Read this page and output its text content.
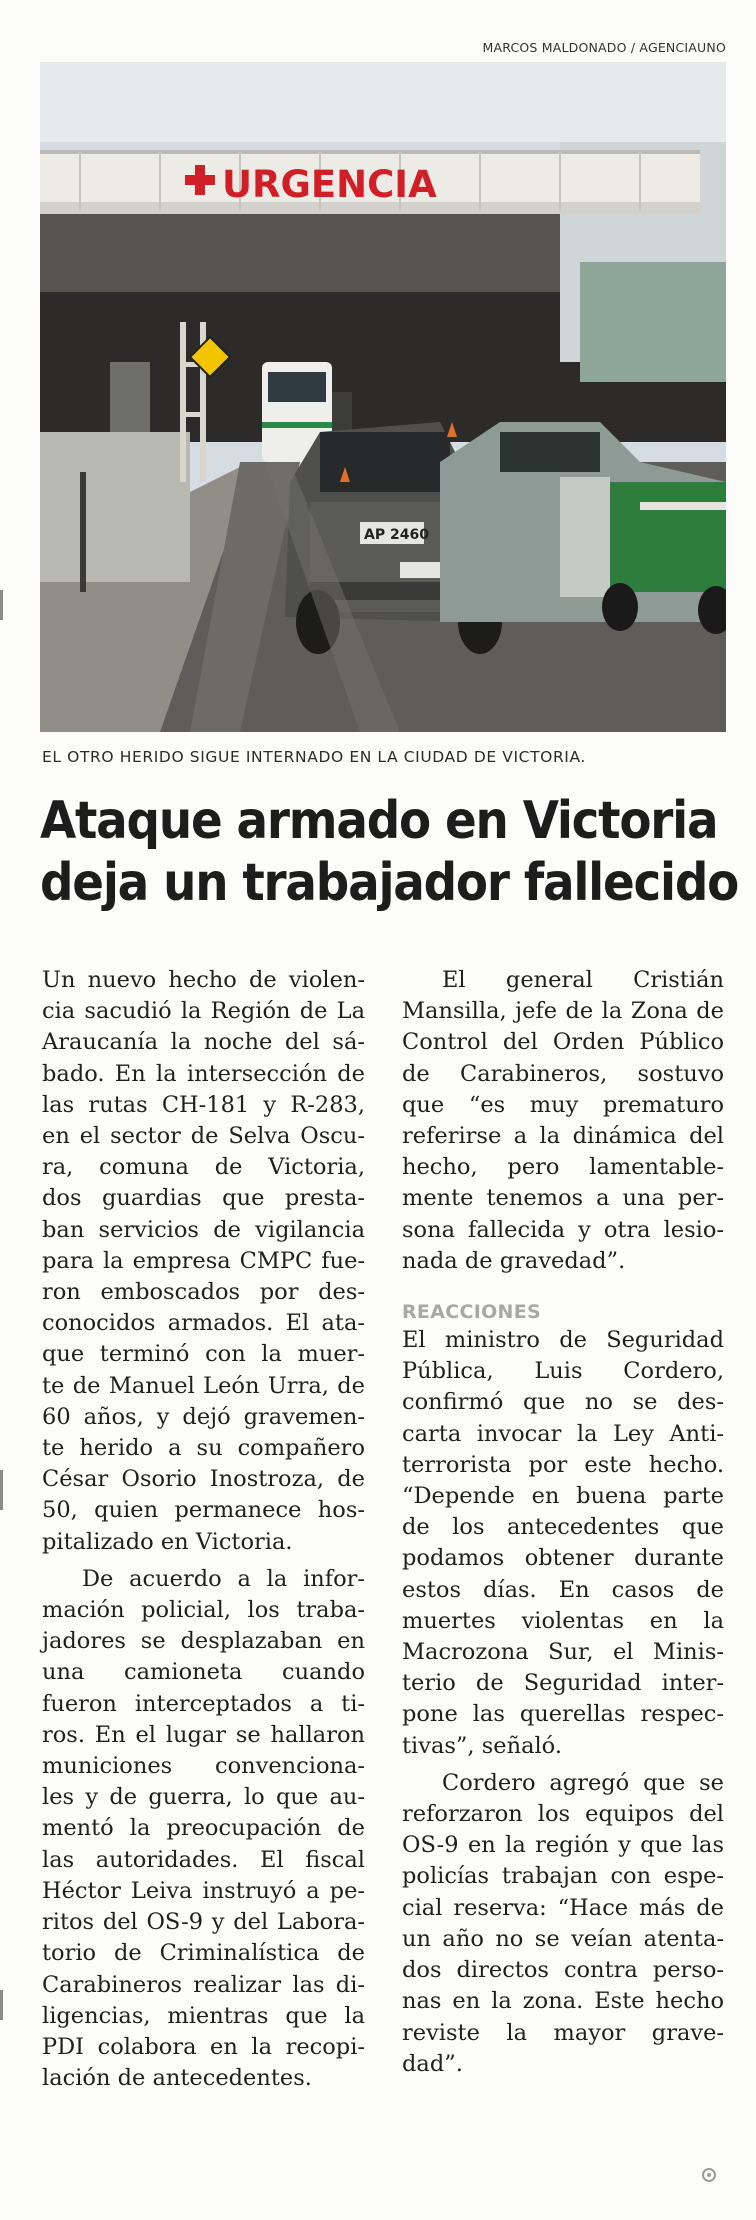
MARCOS MALDONADO / AGENCIAUNO
URGENCIA
AP 2460
EL OTRO HERIDO SIGUE INTERNADO EN LA CIUDAD DE VICTORIA.
Ataque armado en Victoria
deja un trabajador fallecido

Un nuevo hecho de violen-
cia sacudió la Región de La
Araucanía la noche del sá-
bado. En la intersección de
las rutas CH-181 y R-283,
en el sector de Selva Oscu-
ra, comuna de Victoria,
dos guardias que presta-
ban servicios de vigilancia
para la empresa CMPC fue-
ron emboscados por des-
conocidos armados. El ata-
que terminó con la muer-
te de Manuel León Urra, de
60 años, y dejó gravemen-
te herido a su compañero
César Osorio Inostroza, de
50, quien permanece hos-
pitalizado en Victoria.

De acuerdo a la infor-
mación policial, los traba-
jadores se desplazaban en
una camioneta cuando
fueron interceptados a ti-
ros. En el lugar se hallaron
municiones convenciona-
les y de guerra, lo que au-
mentó la preocupación de
las autoridades. El fiscal
Héctor Leiva instruyó a pe-
ritos del OS-9 y del Labora-
torio de Criminalística de
Carabineros realizar las di-
ligencias, mientras que la
PDI colabora en la recopi-
lación de antecedentes.

El general Cristián
Mansilla, jefe de la Zona de
Control del Orden Público
de Carabineros, sostuvo
que “es muy prematuro
referirse a la dinámica del
hecho, pero lamentable-
mente tenemos a una per-
sona fallecida y otra lesio-
nada de gravedad”.

REACCIONES

El ministro de Seguridad
Pública, Luis Cordero,
confirmó que no se des-
carta invocar la Ley Anti-
terrorista por este hecho.
“Depende en buena parte
de los antecedentes que
podamos obtener durante
estos días. En casos de
muertes violentas en la
Macrozona Sur, el Minis-
terio de Seguridad inter-
pone las querellas respec-
tivas”, señaló.

Cordero agregó que se
reforzaron los equipos del
OS-9 en la región y que las
policías trabajan con espe-
cial reserva: “Hace más de
un año no se veían atenta-
dos directos contra perso-
nas en la zona. Este hecho
reviste la mayor grave-
dad”.
